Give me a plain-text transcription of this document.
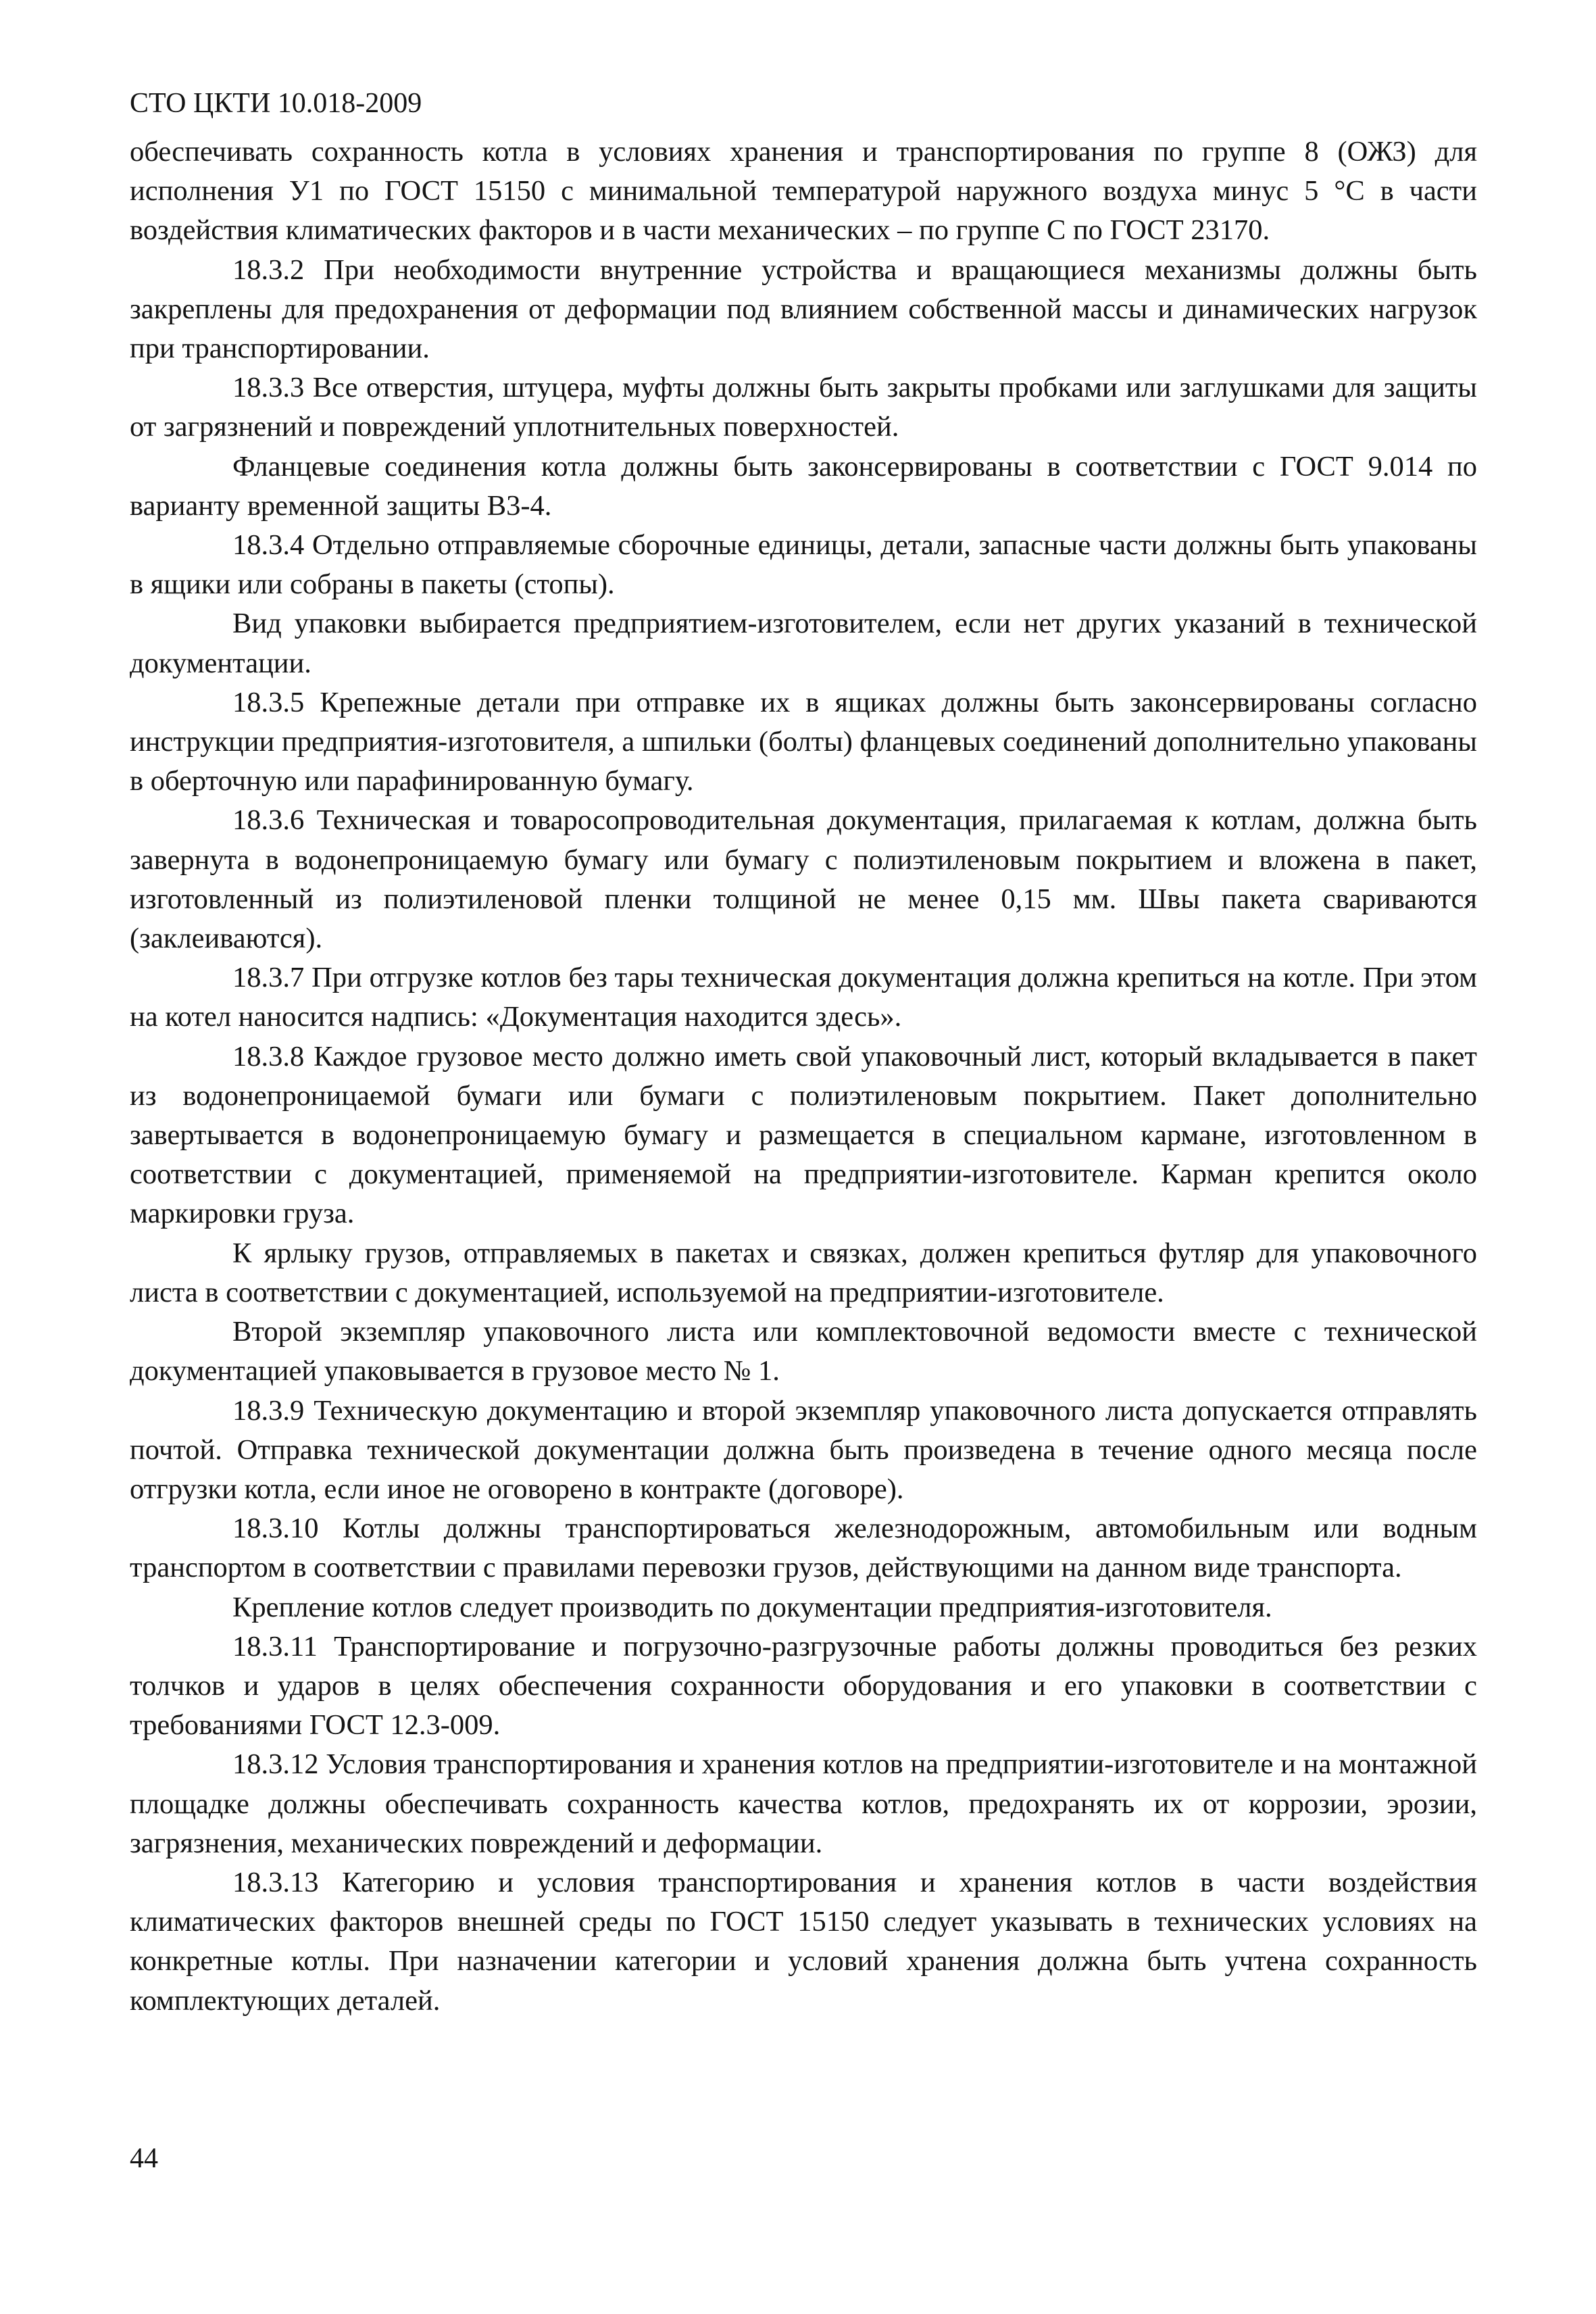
СТО ЦКТИ 10.018-2009

обеспечивать сохранность котла в условиях хранения и транспортирования по группе 8 (ОЖЗ) для исполнения У1 по ГОСТ 15150 с минимальной температурой наружного воздуха минус 5 °С в части воздействия климатических факторов и в части механических – по группе С по ГОСТ 23170.

18.3.2 При необходимости внутренние устройства и вращающиеся механизмы должны быть закреплены для предохранения от деформации под влиянием собственной массы и динамических нагрузок при транспортировании.

18.3.3 Все отверстия, штуцера, муфты должны быть закрыты пробками или заглушками для защиты от загрязнений и повреждений уплотнительных поверхностей.

Фланцевые соединения котла должны быть законсервированы в соответствии с ГОСТ 9.014 по варианту временной защиты В3-4.

18.3.4 Отдельно отправляемые сборочные единицы, детали, запасные части должны быть упакованы в ящики или собраны в пакеты (стопы).

Вид упаковки выбирается предприятием-изготовителем, если нет других указаний в технической документации.

18.3.5 Крепежные детали при отправке их в ящиках должны быть законсервированы согласно инструкции предприятия-изготовителя, а шпильки (болты) фланцевых соединений дополнительно упакованы в оберточную или парафинированную бумагу.

18.3.6 Техническая и товаросопроводительная документация, прилагаемая к котлам, должна быть завернута в водонепроницаемую бумагу или бумагу с полиэтиленовым покрытием и вложена в пакет, изготовленный из полиэтиленовой пленки толщиной не менее 0,15 мм. Швы пакета свариваются (заклеиваются).

18.3.7 При отгрузке котлов без тары техническая документация должна крепиться на котле. При этом на котел наносится надпись: «Документация находится здесь».

18.3.8 Каждое грузовое место должно иметь свой упаковочный лист, который вкладывается в пакет из водонепроницаемой бумаги или бумаги с полиэтиленовым покрытием. Пакет дополнительно завертывается в водонепроницаемую бумагу и размещается в специальном кармане, изготовленном в соответствии с документацией, применяемой на предприятии-изготовителе. Карман крепится около маркировки груза.

К ярлыку грузов, отправляемых в пакетах и связках, должен крепиться футляр для упаковочного листа в соответствии с документацией, используемой на предприятии-изготовителе.

Второй экземпляр упаковочного листа или комплектовочной ведомости вместе с технической документацией упаковывается в грузовое место № 1.

18.3.9 Техническую документацию и второй экземпляр упаковочного листа допускается отправлять почтой. Отправка технической документации должна быть произведена в течение одного месяца после отгрузки котла, если иное не оговорено в контракте (договоре).

18.3.10 Котлы должны транспортироваться железнодорожным, автомобильным или водным транспортом в соответствии с правилами перевозки грузов, действующими на данном виде транспорта.

Крепление котлов следует производить по документации предприятия-изготовителя.

18.3.11 Транспортирование и погрузочно-разгрузочные работы должны проводиться без резких толчков и ударов в целях обеспечения сохранности оборудования и его упаковки в соответствии с требованиями ГОСТ 12.3-009.

18.3.12 Условия транспортирования и хранения котлов на предприятии-изготовителе и на монтажной площадке должны обеспечивать сохранность качества котлов, предохранять их от коррозии, эрозии, загрязнения, механических повреждений и деформации.

18.3.13 Категорию и условия транспортирования и хранения котлов в части воздействия климатических факторов внешней среды по ГОСТ 15150 следует указывать в технических условиях на конкретные котлы. При назначении категории и условий хранения должна быть учтена сохранность комплектующих деталей.

44
